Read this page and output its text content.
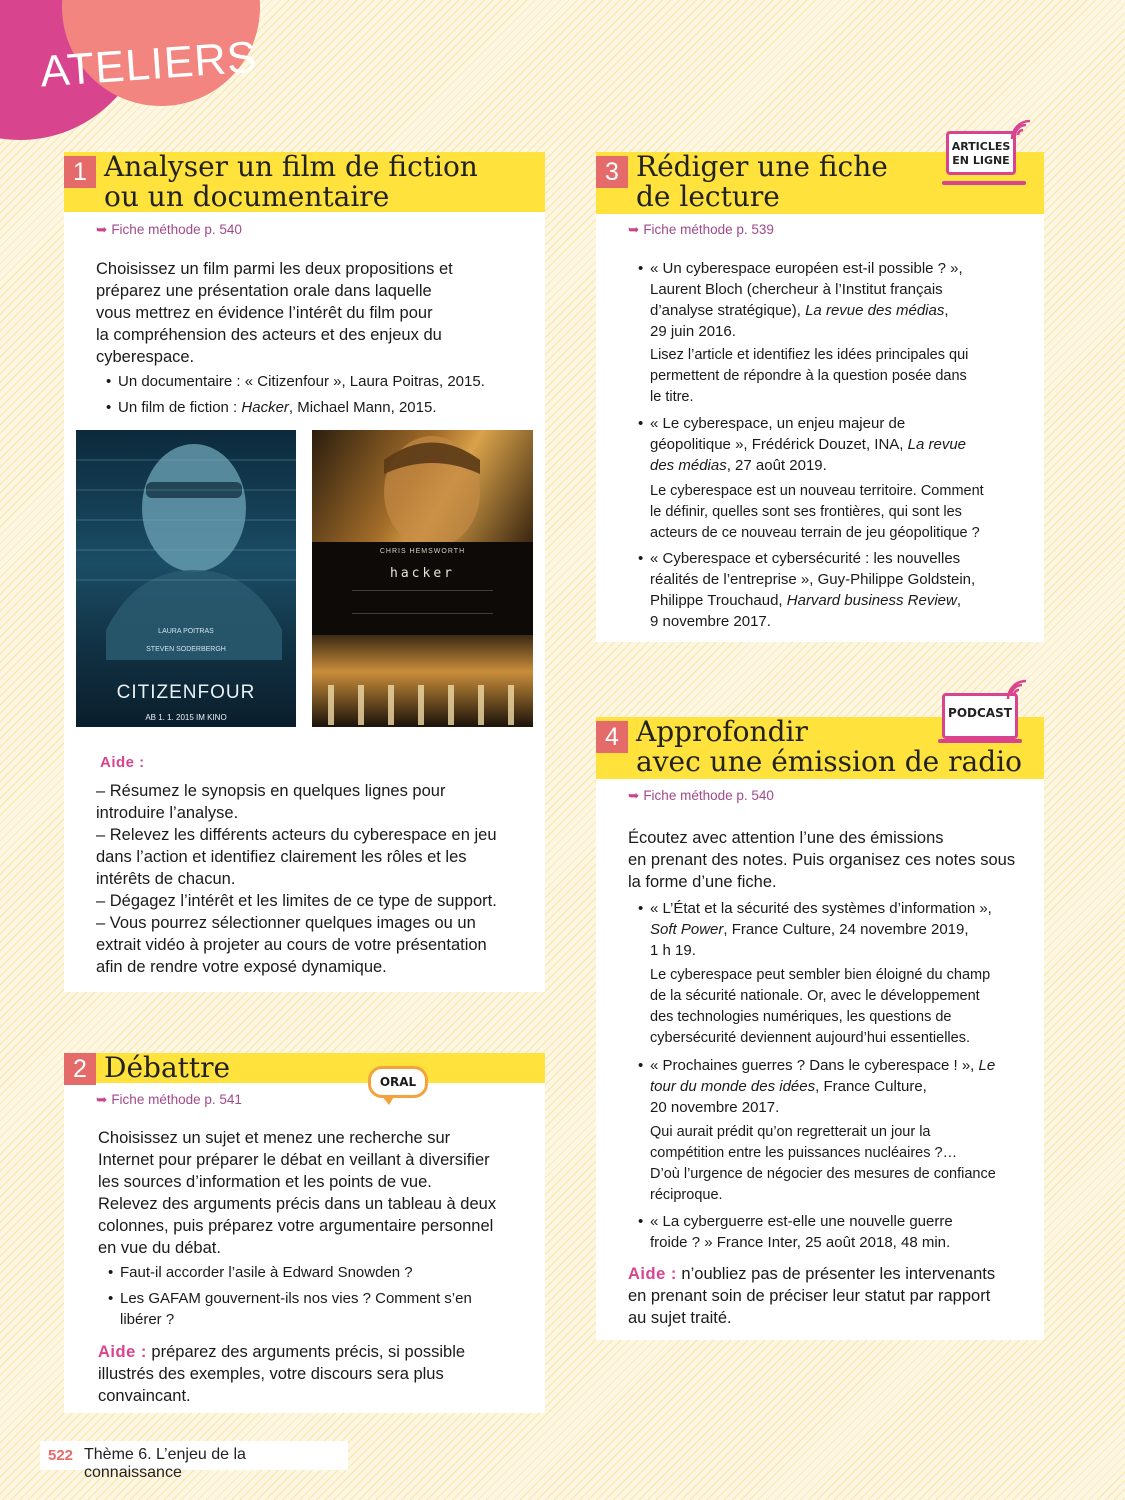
ATELIERS
1 Analyser un film de fiction
ou un documentaire
➥ Fiche méthode p. 540
Choisissez un film parmi les deux propositions et
préparez une présentation orale dans laquelle
vous mettrez en évidence l’intérêt du film pour
la compréhension des acteurs et des enjeux du
cyberespace.
• Un documentaire : « Citizenfour », Laura Poitras, 2015.
• Un film de fiction : Hacker, Michael Mann, 2015.
LAURA POITRAS
STEVEN SODERBERGH
CITIZENFOUR
AB 1. 1. 2015 IM KINO
CHRIS HEMSWORTH
hacker
Aide :
– Résumez le synopsis en quelques lignes pour
introduire l’analyse.
– Relevez les différents acteurs du cyberespace en jeu
dans l’action et identifiez clairement les rôles et les
intérêts de chacun.
– Dégagez l’intérêt et les limites de ce type de support.
– Vous pourrez sélectionner quelques images ou un
extrait vidéo à projeter au cours de votre présentation
afin de rendre votre exposé dynamique.
2 Débattre	ORAL
➥ Fiche méthode p. 541
Choisissez un sujet et menez une recherche sur
Internet pour préparer le débat en veillant à diversifier
les sources d’information et les points de vue.
Relevez des arguments précis dans un tableau à deux
colonnes, puis préparez votre argumentaire personnel
en vue du débat.
• Faut-il accorder l’asile à Edward Snowden ?
• Les GAFAM gouvernent-ils nos vies ? Comment s’en
libérer ?
Aide : préparez des arguments précis, si possible
illustrés des exemples, votre discours sera plus
convaincant.
3 Rédiger une fiche
de lecture
ARTICLES
EN LIGNE
➥ Fiche méthode p. 539
• « Un cyberespace européen est-il possible ? »,
Laurent Bloch (chercheur à l’Institut français
d’analyse stratégique), La revue des médias,
29 juin 2016.
Lisez l’article et identifiez les idées principales qui
permettent de répondre à la question posée dans
le titre.
• « Le cyberespace, un enjeu majeur de
géopolitique », Frédérick Douzet, INA, La revue
des médias, 27 août 2019.
Le cyberespace est un nouveau territoire. Comment
le définir, quelles sont ses frontières, qui sont les
acteurs de ce nouveau terrain de jeu géopolitique ?
• « Cyberespace et cybersécurité : les nouvelles
réalités de l’entreprise », Guy-Philippe Goldstein,
Philippe Trouchaud, Harvard business Review,
9 novembre 2017.
4 Approfondir
avec une émission de radio
PODCAST
➥ Fiche méthode p. 540
Écoutez avec attention l’une des émissions
en prenant des notes. Puis organisez ces notes sous
la forme d’une fiche.
• « L’État et la sécurité des systèmes d’information »,
Soft Power, France Culture, 24 novembre 2019,
1 h 19.
Le cyberespace peut sembler bien éloigné du champ
de la sécurité nationale. Or, avec le développement
des technologies numériques, les questions de
cybersécurité deviennent aujourd’hui essentielles.
• « Prochaines guerres ? Dans le cyberespace ! », Le
tour du monde des idées, France Culture,
20 novembre 2017.
Qui aurait prédit qu’on regretterait un jour la
compétition entre les puissances nucléaires ?…
D’où l’urgence de négocier des mesures de confiance
réciproque.
• « La cyberguerre est-elle une nouvelle guerre
froide ? » France Inter, 25 août 2018, 48 min.
Aide : n’oubliez pas de présenter les intervenants
en prenant soin de préciser leur statut par rapport
au sujet traité.
522 Thème 6. L’enjeu de la connaissance
